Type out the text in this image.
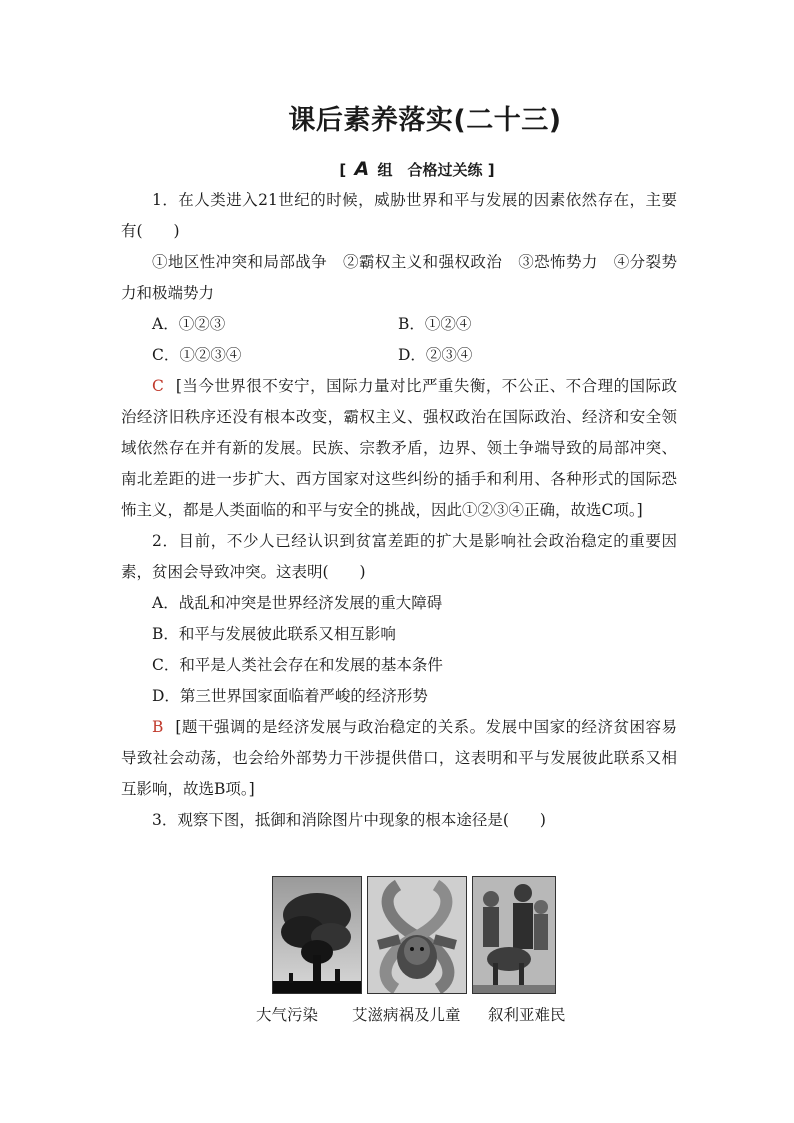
课后素养落实(二十三)
[ A 组　合格过关练 ]

1．在人类进入21世纪的时候，威胁世界和平与发展的因素依然存在，主要有(　　)

①地区性冲突和局部战争　②霸权主义和强权政治　③恐怖势力　④分裂势力和极端势力

A．①②③	B．①②④
C．①②③④	D．②③④

C [当今世界很不安宁，国际力量对比严重失衡，不公正、不合理的国际政治经济旧秩序还没有根本改变，霸权主义、强权政治在国际政治、经济和安全领域依然存在并有新的发展。民族、宗教矛盾，边界、领土争端导致的局部冲突、南北差距的进一步扩大、西方国家对这些纠纷的插手和利用、各种形式的国际恐怖主义，都是人类面临的和平与安全的挑战，因此①②③④正确，故选C项。]

2．目前，不少人已经认识到贫富差距的扩大是影响社会政治稳定的重要因素，贫困会导致冲突。这表明(　　)

A．战乱和冲突是世界经济发展的重大障碍

B．和平与发展彼此联系又相互影响

C．和平是人类社会存在和发展的基本条件

D．第三世界国家面临着严峻的经济形势

B [题干强调的是经济发展与政治稳定的关系。发展中国家的经济贫困容易导致社会动荡，也会给外部势力干涉提供借口，这表明和平与发展彼此联系又相互影响，故选B项。]

3．观察下图，抵御和消除图片中现象的根本途径是(　　)

大气污染 艾滋病祸及儿童 叙利亚难民
